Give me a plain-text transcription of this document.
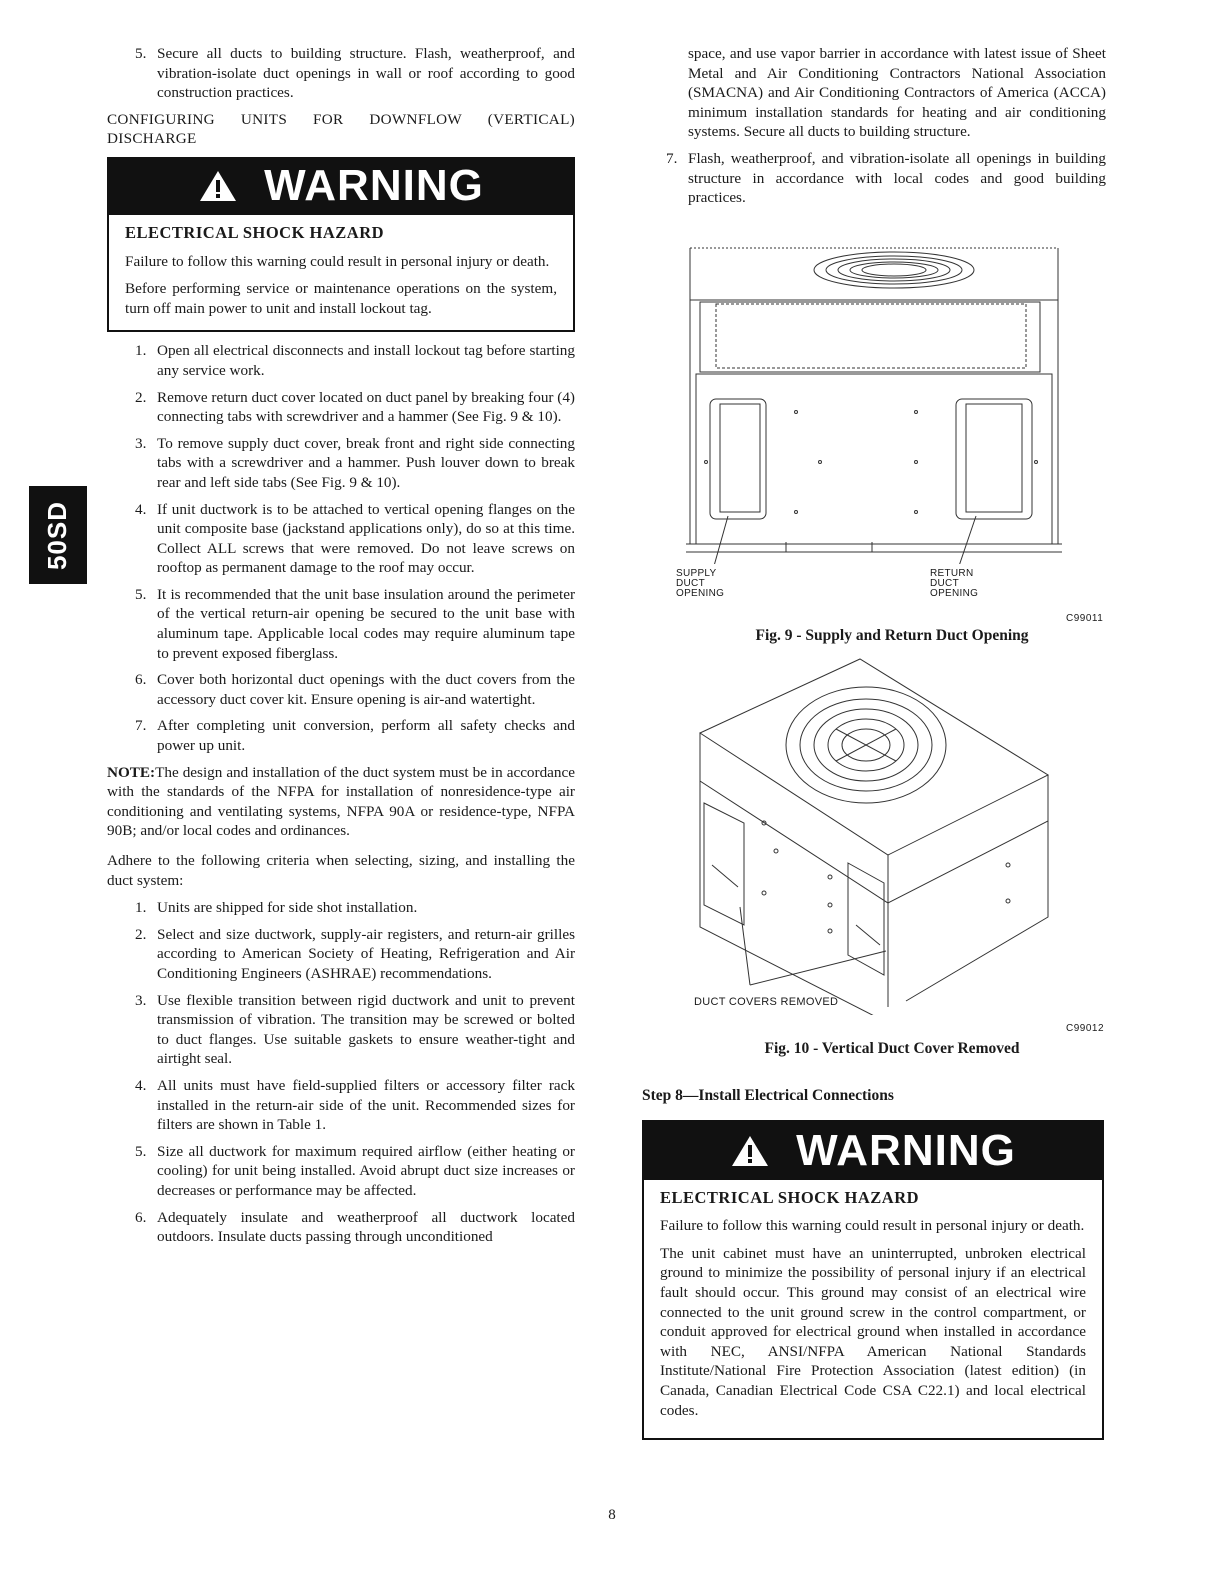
50SD
5. Secure all ducts to building structure. Flash, weatherproof, and vibration-isolate duct openings in wall or roof according to good construction practices.

CONFIGURING UNITS FOR DOWNFLOW (VERTICAL) DISCHARGE

WARNING
ELECTRICAL SHOCK HAZARD

Failure to follow this warning could result in personal injury or death.

Before performing service or maintenance operations on the system, turn off main power to unit and install lockout tag.

1. Open all electrical disconnects and install lockout tag before starting any service work.
2. Remove return duct cover located on duct panel by breaking four (4) connecting tabs with screwdriver and a hammer (See Fig. 9 & 10).
3. To remove supply duct cover, break front and right side connecting tabs with a screwdriver and a hammer. Push louver down to break rear and left side tabs (See Fig. 9 & 10).
4. If unit ductwork is to be attached to vertical opening flanges on the unit composite base (jackstand applications only), do so at this time. Collect ALL screws that were removed. Do not leave screws on rooftop as permanent damage to the roof may occur.
5. It is recommended that the unit base insulation around the perimeter of the vertical return-air opening be secured to the unit base with aluminum tape. Applicable local codes may require aluminum tape to prevent exposed fiberglass.
6. Cover both horizontal duct openings with the duct covers from the accessory duct cover kit. Ensure opening is air-and watertight.
7. After completing unit conversion, perform all safety checks and power up unit.

NOTE:The design and installation of the duct system must be in accordance with the standards of the NFPA for installation of nonresidence-type air conditioning and ventilating systems, NFPA 90A or residence-type, NFPA 90B; and/or local codes and ordinances.

Adhere to the following criteria when selecting, sizing, and installing the duct system:

1. Units are shipped for side shot installation.
2. Select and size ductwork, supply-air registers, and return-air grilles according to American Society of Heating, Refrigeration and Air Conditioning Engineers (ASHRAE) recommendations.
3. Use flexible transition between rigid ductwork and unit to prevent transmission of vibration. The transition may be screwed or bolted to duct flanges. Use suitable gaskets to ensure weather-tight and airtight seal.
4. All units must have field-supplied filters or accessory filter rack installed in the return-air side of the unit. Recommended sizes for filters are shown in Table 1.
5. Size all ductwork for maximum required airflow (either heating or cooling) for unit being installed. Avoid abrupt duct size increases or decreases or performance may be affected.
6. Adequately insulate and weatherproof all ductwork located outdoors. Insulate ducts passing through unconditioned

space, and use vapor barrier in accordance with latest issue of Sheet Metal and Air Conditioning Contractors National Association (SMACNA) and Air Conditioning Contractors of America (ACCA) minimum installation standards for heating and air conditioning systems. Secure all ducts to building structure.

7. Flash, weatherproof, and vibration-isolate all openings in building structure in accordance with local codes and good building practices.
SUPPLY
DUCT
OPENING
RETURN
DUCT
OPENING
C99011
Fig. 9 - Supply and Return Duct Opening
DUCT COVERS REMOVED
C99012
Fig. 10 - Vertical Duct Cover Removed

Step 8—Install Electrical Connections

WARNING
ELECTRICAL SHOCK HAZARD

Failure to follow this warning could result in personal injury or death.

The unit cabinet must have an uninterrupted, unbroken electrical ground to minimize the possibility of personal injury if an electrical fault should occur. This ground may consist of an electrical wire connected to the unit ground screw in the control compartment, or conduit approved for electrical ground when installed in accordance with NEC, ANSI/NFPA American National Standards Institute/National Fire Protection Association (latest edition) (in Canada, Canadian Electrical Code CSA C22.1) and local electrical codes.

8
